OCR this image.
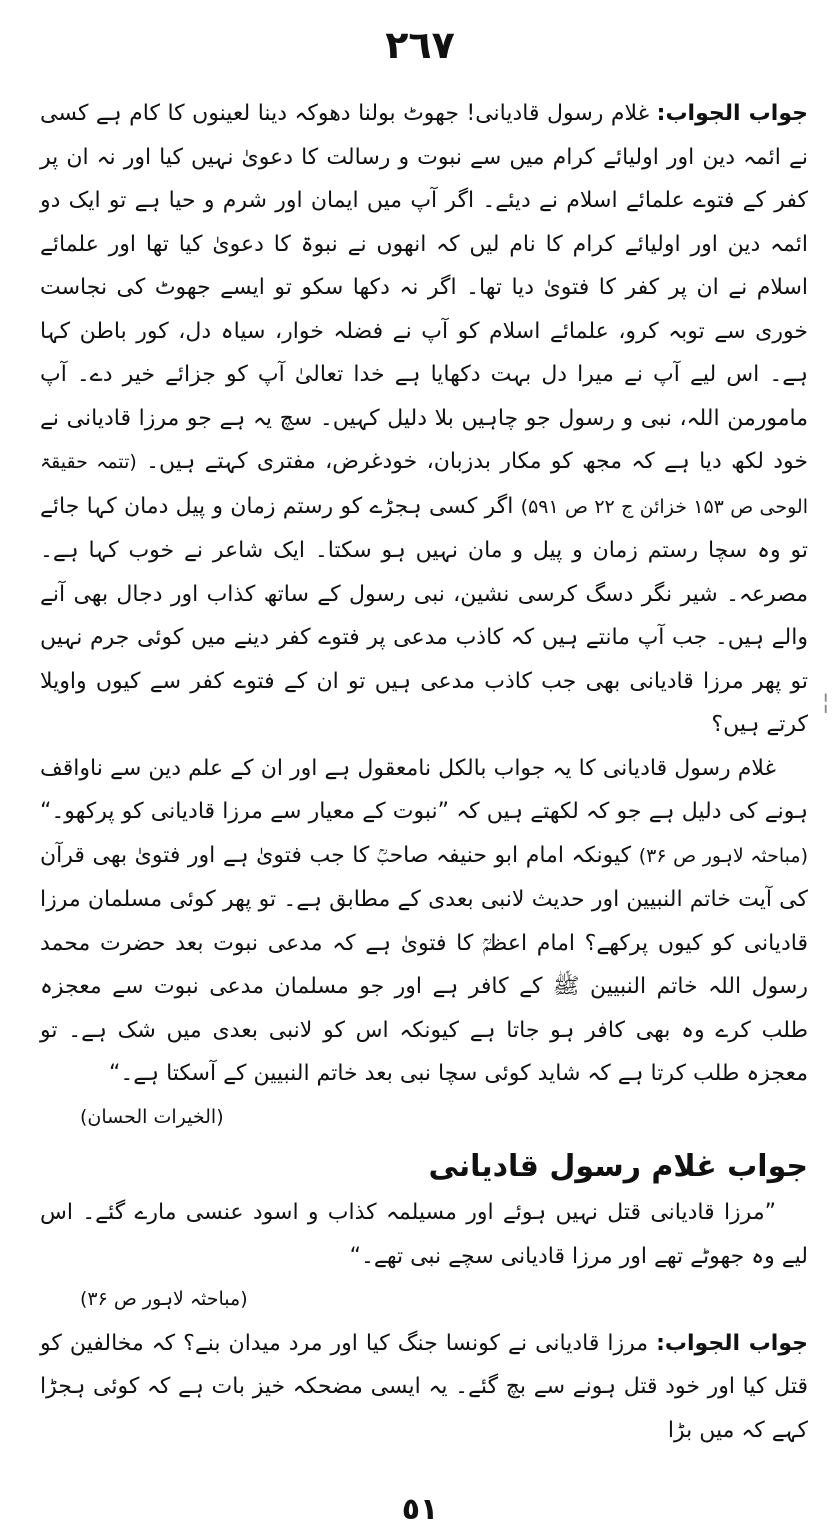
٢٦٧
¦

جواب الجواب: غلام رسول قادیانی! جھوٹ بولنا دھوکہ دینا لعینوں کا کام ہے کسی نے ائمہ دین اور اولیائے کرام میں سے نبوت و رسالت کا دعویٰ نہیں کیا اور نہ ان پر کفر کے فتوے علمائے اسلام نے دیئے۔ اگر آپ میں ایمان اور شرم و حیا ہے تو ایک دو ائمہ دین اور اولیائے کرام کا نام لیں کہ انھوں نے نبوۃ کا دعویٰ کیا تھا اور علمائے اسلام نے ان پر کفر کا فتویٰ دیا تھا۔ اگر نہ دکھا سکو تو ایسے جھوٹ کی نجاست خوری سے توبہ کرو، علمائے اسلام کو آپ نے فضلہ خوار، سیاہ دل، کور باطن کہا ہے۔ اس لیے آپ نے میرا دل بہت دکھایا ہے خدا تعالیٰ آپ کو جزائے خیر دے۔ آپ مامورمن اللہ، نبی و رسول جو چاہیں بلا دلیل کہیں۔ سچ یہ ہے جو مرزا قادیانی نے خود لکھ دیا ہے کہ مجھ کو مکار بدزبان، خودغرض، مفتری کہتے ہیں۔ (تتمہ حقیقۃ الوحی ص ۱۵۳ خزائن ج ۲۲ ص ۵۹۱) اگر کسی ہجڑے کو رستم زمان و پیل دمان کہا جائے تو وہ سچا رستم زمان و پیل و مان نہیں ہو سکتا۔ ایک شاعر نے خوب کہا ہے۔ مصرعہ۔ شیر نگر دسگ کرسی نشین، نبی رسول کے ساتھ کذاب اور دجال بھی آنے والے ہیں۔ جب آپ مانتے ہیں کہ کاذب مدعی پر فتوے کفر دینے میں کوئی جرم نہیں تو پھر مرزا قادیانی بھی جب کاذب مدعی ہیں تو ان کے فتوے کفر سے کیوں واویلا کرتے ہیں؟

غلام رسول قادیانی کا یہ جواب بالکل نامعقول ہے اور ان کے علم دین سے ناواقف ہونے کی دلیل ہے جو کہ لکھتے ہیں کہ ”نبوت کے معیار سے مرزا قادیانی کو پرکھو۔“ (مباحثہ لاہور ص ۳۶) کیونکہ امام ابو حنیفہ صاحبؒ کا جب فتویٰ ہے اور فتویٰ بھی قرآن کی آیت خاتم النبیین اور حدیث لانبی بعدی کے مطابق ہے۔ تو پھر کوئی مسلمان مرزا قادیانی کو کیوں پرکھے؟ امام اعظمؒ کا فتویٰ ہے کہ مدعی نبوت بعد حضرت محمد رسول اللہ خاتم النبیین ﷺ کے کافر ہے اور جو مسلمان مدعی نبوت سے معجزہ طلب کرے وہ بھی کافر ہو جاتا ہے کیونکہ اس کو لانبی بعدی میں شک ہے۔ تو معجزہ طلب کرتا ہے کہ شاید کوئی سچا نبی بعد خاتم النبیین کے آسکتا ہے۔“
(الخیرات الحسان)

جواب غلام رسول قادیانی

”مرزا قادیانی قتل نہیں ہوئے اور مسیلمہ کذاب و اسود عنسی مارے گئے۔ اس لیے وہ جھوٹے تھے اور مرزا قادیانی سچے نبی تھے۔“
(مباحثہ لاہور ص ۳۶)

جواب الجواب: مرزا قادیانی نے کونسا جنگ کیا اور مرد میدان بنے؟ کہ مخالفین کو قتل کیا اور خود قتل ہونے سے بچ گئے۔ یہ ایسی مضحکہ خیز بات ہے کہ کوئی ہجڑا کہے کہ میں بڑا

٥١
